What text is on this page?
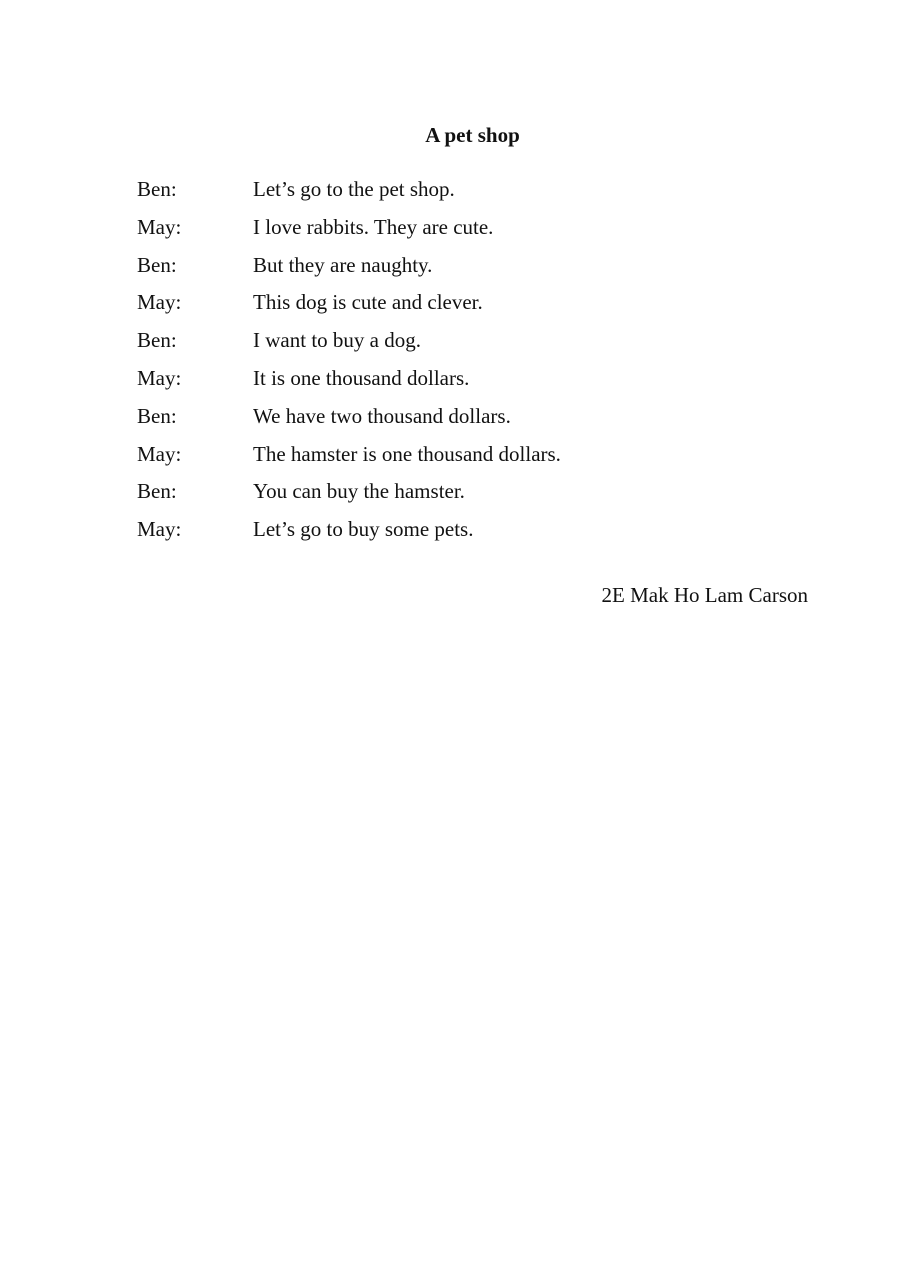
A pet shop
Ben:	Let’s go to the pet shop.
May:	I love rabbits. They are cute.
Ben:	But they are naughty.
May:	This dog is cute and clever.
Ben:	I want to buy a dog.
May:	It is one thousand dollars.
Ben:	We have two thousand dollars.
May:	The hamster is one thousand dollars.
Ben:	You can buy the hamster.
May:	Let’s go to buy some pets.
2E Mak Ho Lam Carson
